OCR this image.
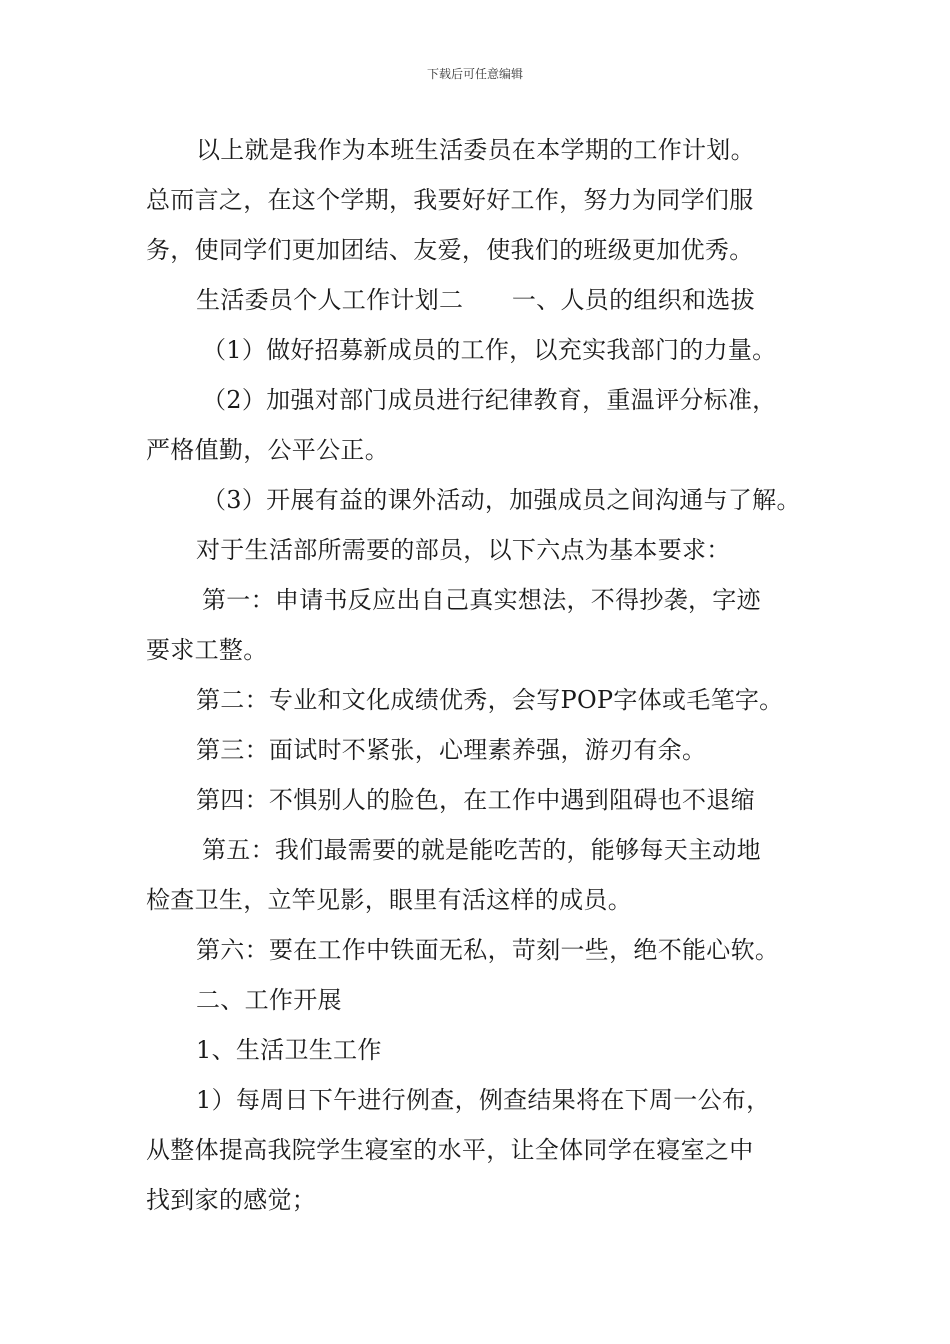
下载后可任意编辑
以上就是我作为本班生活委员在本学期的工作计划。
总而言之，在这个学期，我要好好工作，努力为同学们服
务，使同学们更加团结、友爱，使我们的班级更加优秀。
生活委员个人工作计划二　　一、人员的组织和选拔
（1）做好招募新成员的工作，以充实我部门的力量。
（2）加强对部门成员进行纪律教育，重温评分标准，
严格值勤，公平公正。
（3）开展有益的课外活动，加强成员之间沟通与了解。
对于生活部所需要的部员，以下六点为基本要求：
第一：申请书反应出自己真实想法，不得抄袭，字迹
要求工整。
第二：专业和文化成绩优秀，会写POP字体或毛笔字。
第三：面试时不紧张，心理素养强，游刃有余。
第四：不惧别人的脸色，在工作中遇到阻碍也不退缩
第五：我们最需要的就是能吃苦的，能够每天主动地
检查卫生，立竿见影，眼里有活这样的成员。
第六：要在工作中铁面无私，苛刻一些，绝不能心软。
二、工作开展
1、生活卫生工作
1）每周日下午进行例查，例查结果将在下周一公布，
从整体提高我院学生寝室的水平，让全体同学在寝室之中
找到家的感觉；
